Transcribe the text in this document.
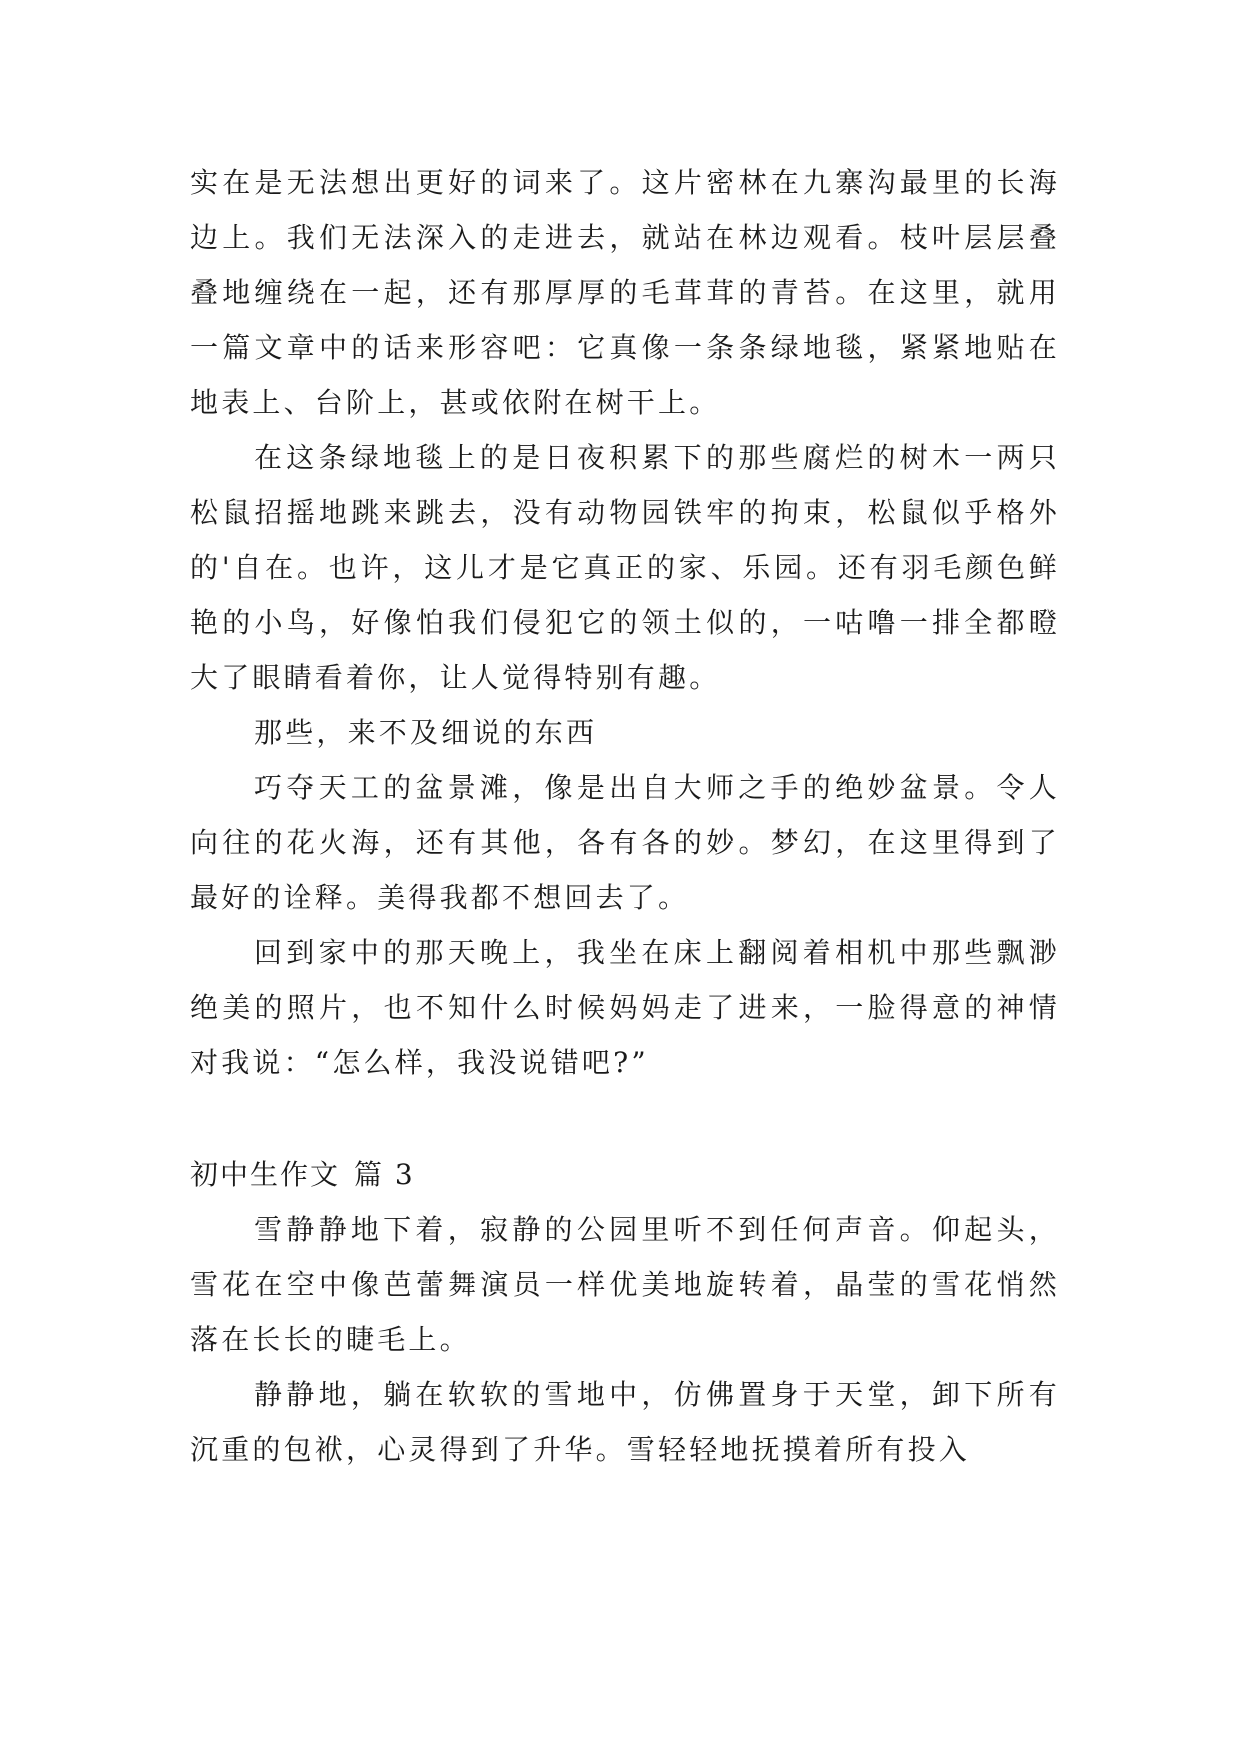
实在是无法想出更好的词来了。这片密林在九寨沟最里的长海边上。我们无法深入的走进去，就站在林边观看。枝叶层层叠叠地缠绕在一起，还有那厚厚的毛茸茸的青苔。在这里，就用一篇文章中的话来形容吧：它真像一条条绿地毯，紧紧地贴在地表上、台阶上，甚或依附在树干上。

在这条绿地毯上的是日夜积累下的那些腐烂的树木一两只松鼠招摇地跳来跳去，没有动物园铁牢的拘束，松鼠似乎格外的'自在。也许，这儿才是它真正的家、乐园。还有羽毛颜色鲜艳的小鸟，好像怕我们侵犯它的领土似的，一咕噜一排全都瞪大了眼睛看着你，让人觉得特别有趣。

那些，来不及细说的东西

巧夺天工的盆景滩，像是出自大师之手的绝妙盆景。令人向往的花火海，还有其他，各有各的妙。梦幻，在这里得到了最好的诠释。美得我都不想回去了。

回到家中的那天晚上，我坐在床上翻阅着相机中那些飘渺绝美的照片，也不知什么时候妈妈走了进来，一脸得意的神情对我说：“怎么样，我没说错吧?”

初中生作文 篇 3

雪静静地下着，寂静的公园里听不到任何声音。仰起头，雪花在空中像芭蕾舞演员一样优美地旋转着，晶莹的雪花悄然落在长长的睫毛上。

静静地，躺在软软的雪地中，仿佛置身于天堂，卸下所有沉重的包袱，心灵得到了升华。雪轻轻地抚摸着所有投入
